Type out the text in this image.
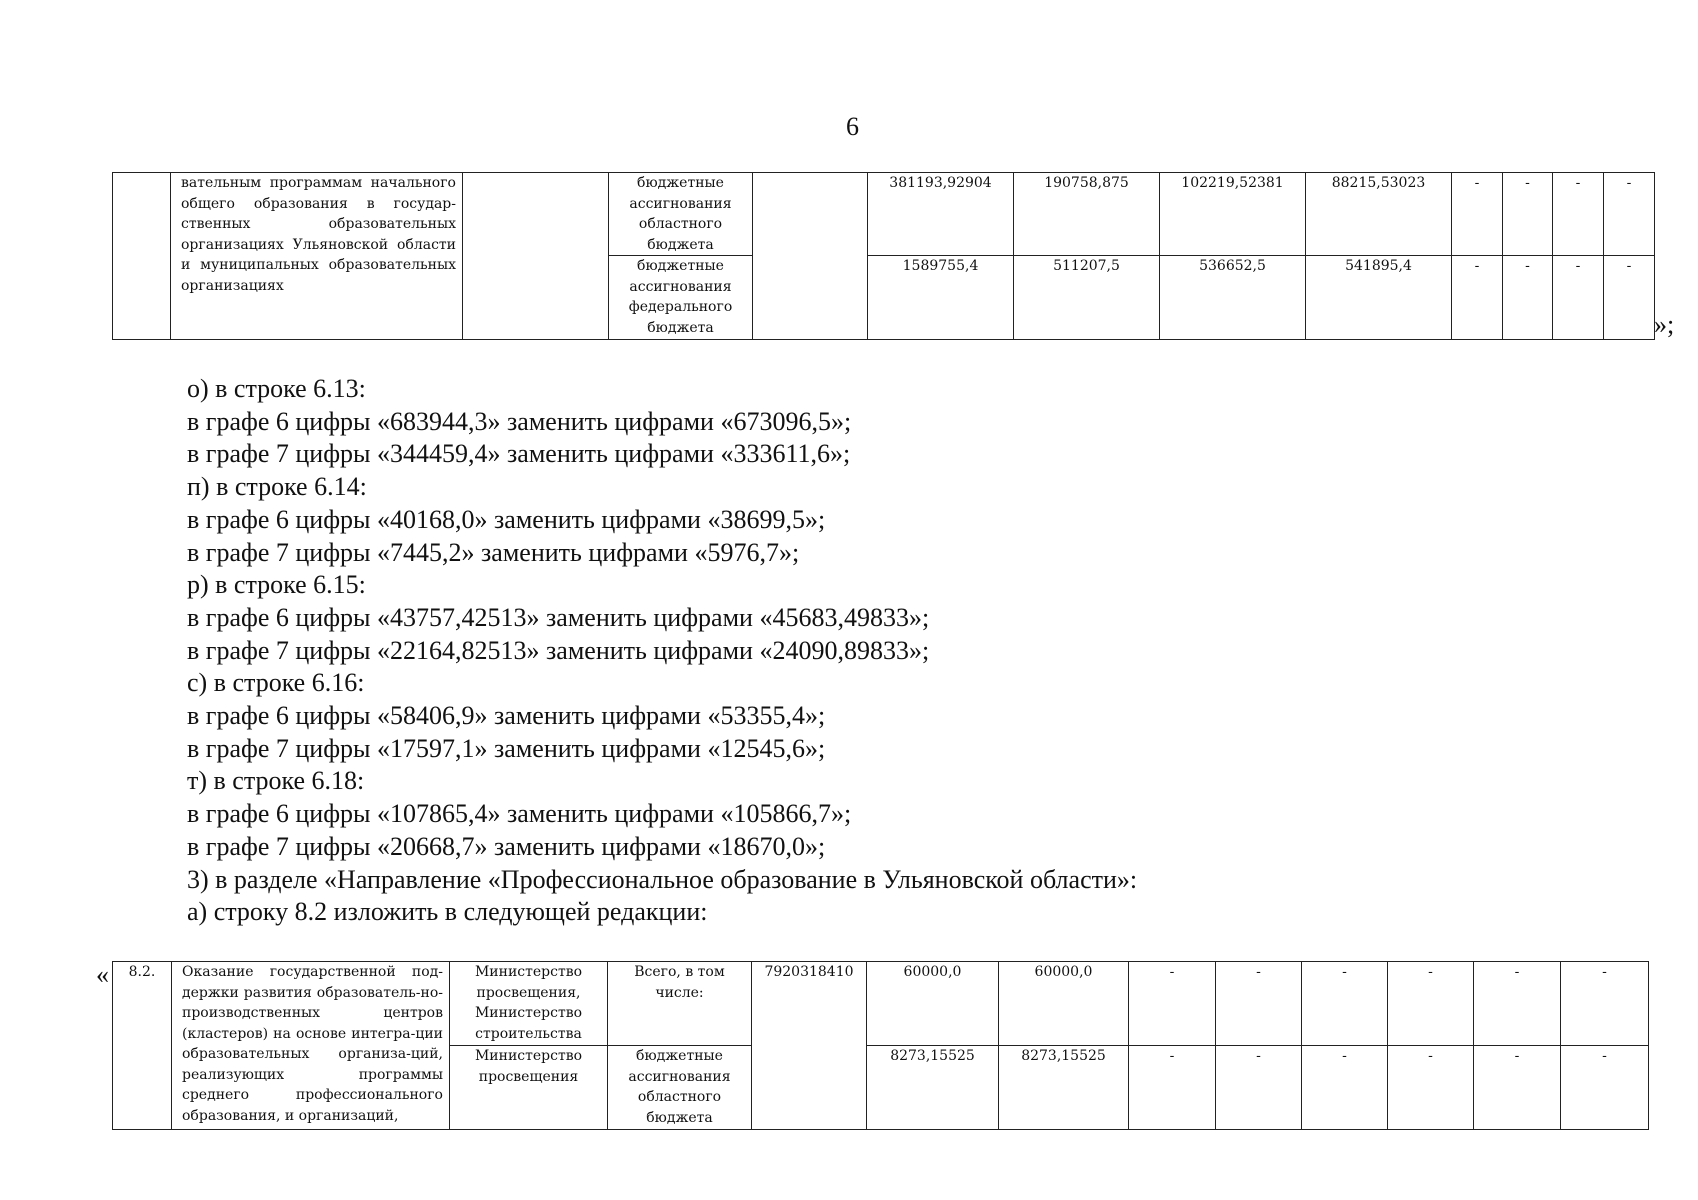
6
	вательным программам начального общего образования в государ-ственных образовательных организациях Ульяновской области и муниципальных образовательных организациях		бюджетные ассигнования областного бюджета		381193,92904	190758,875	102219,52381	88215,53023	-	-	-	-
			бюджетные ассигнования федерального бюджета		1589755,4	511207,5	536652,5	541895,4	-	-	-	-
»;
о) в строке 6.13:
в графе 6 цифры «683944,3» заменить цифрами «673096,5»;
в графе 7 цифры «344459,4» заменить цифрами «333611,6»;
п) в строке 6.14:
в графе 6 цифры «40168,0» заменить цифрами «38699,5»;
в графе 7 цифры «7445,2» заменить цифрами «5976,7»;
р) в строке 6.15:
в графе 6 цифры «43757,42513» заменить цифрами «45683,49833»;
в графе 7 цифры «22164,82513» заменить цифрами «24090,89833»;
с) в строке 6.16:
в графе 6 цифры «58406,9» заменить цифрами «53355,4»;
в графе 7 цифры «17597,1» заменить цифрами «12545,6»;
т) в строке 6.18:
в графе 6 цифры «107865,4» заменить цифрами «105866,7»;
в графе 7 цифры «20668,7» заменить цифрами «18670,0»;
3) в разделе «Направление «Профессиональное образование в Ульяновской области»:
а) строку 8.2 изложить в следующей редакции:
« 8.2.	Оказание государственной под-держки развития образователь-но-производственных центров (кластеров) на основе интегра-ции образовательных организа-ций, реализующих программы среднего профессионального образования, и организаций,	Министерство просвещения, Министерство строительства	Всего, в том числе:	7920318410	60000,0	60000,0	-	-	-	-	-	-
		Министерство просвещения	бюджетные ассигнования областного бюджета		8273,15525	8273,15525	-	-	-	-	-	-
